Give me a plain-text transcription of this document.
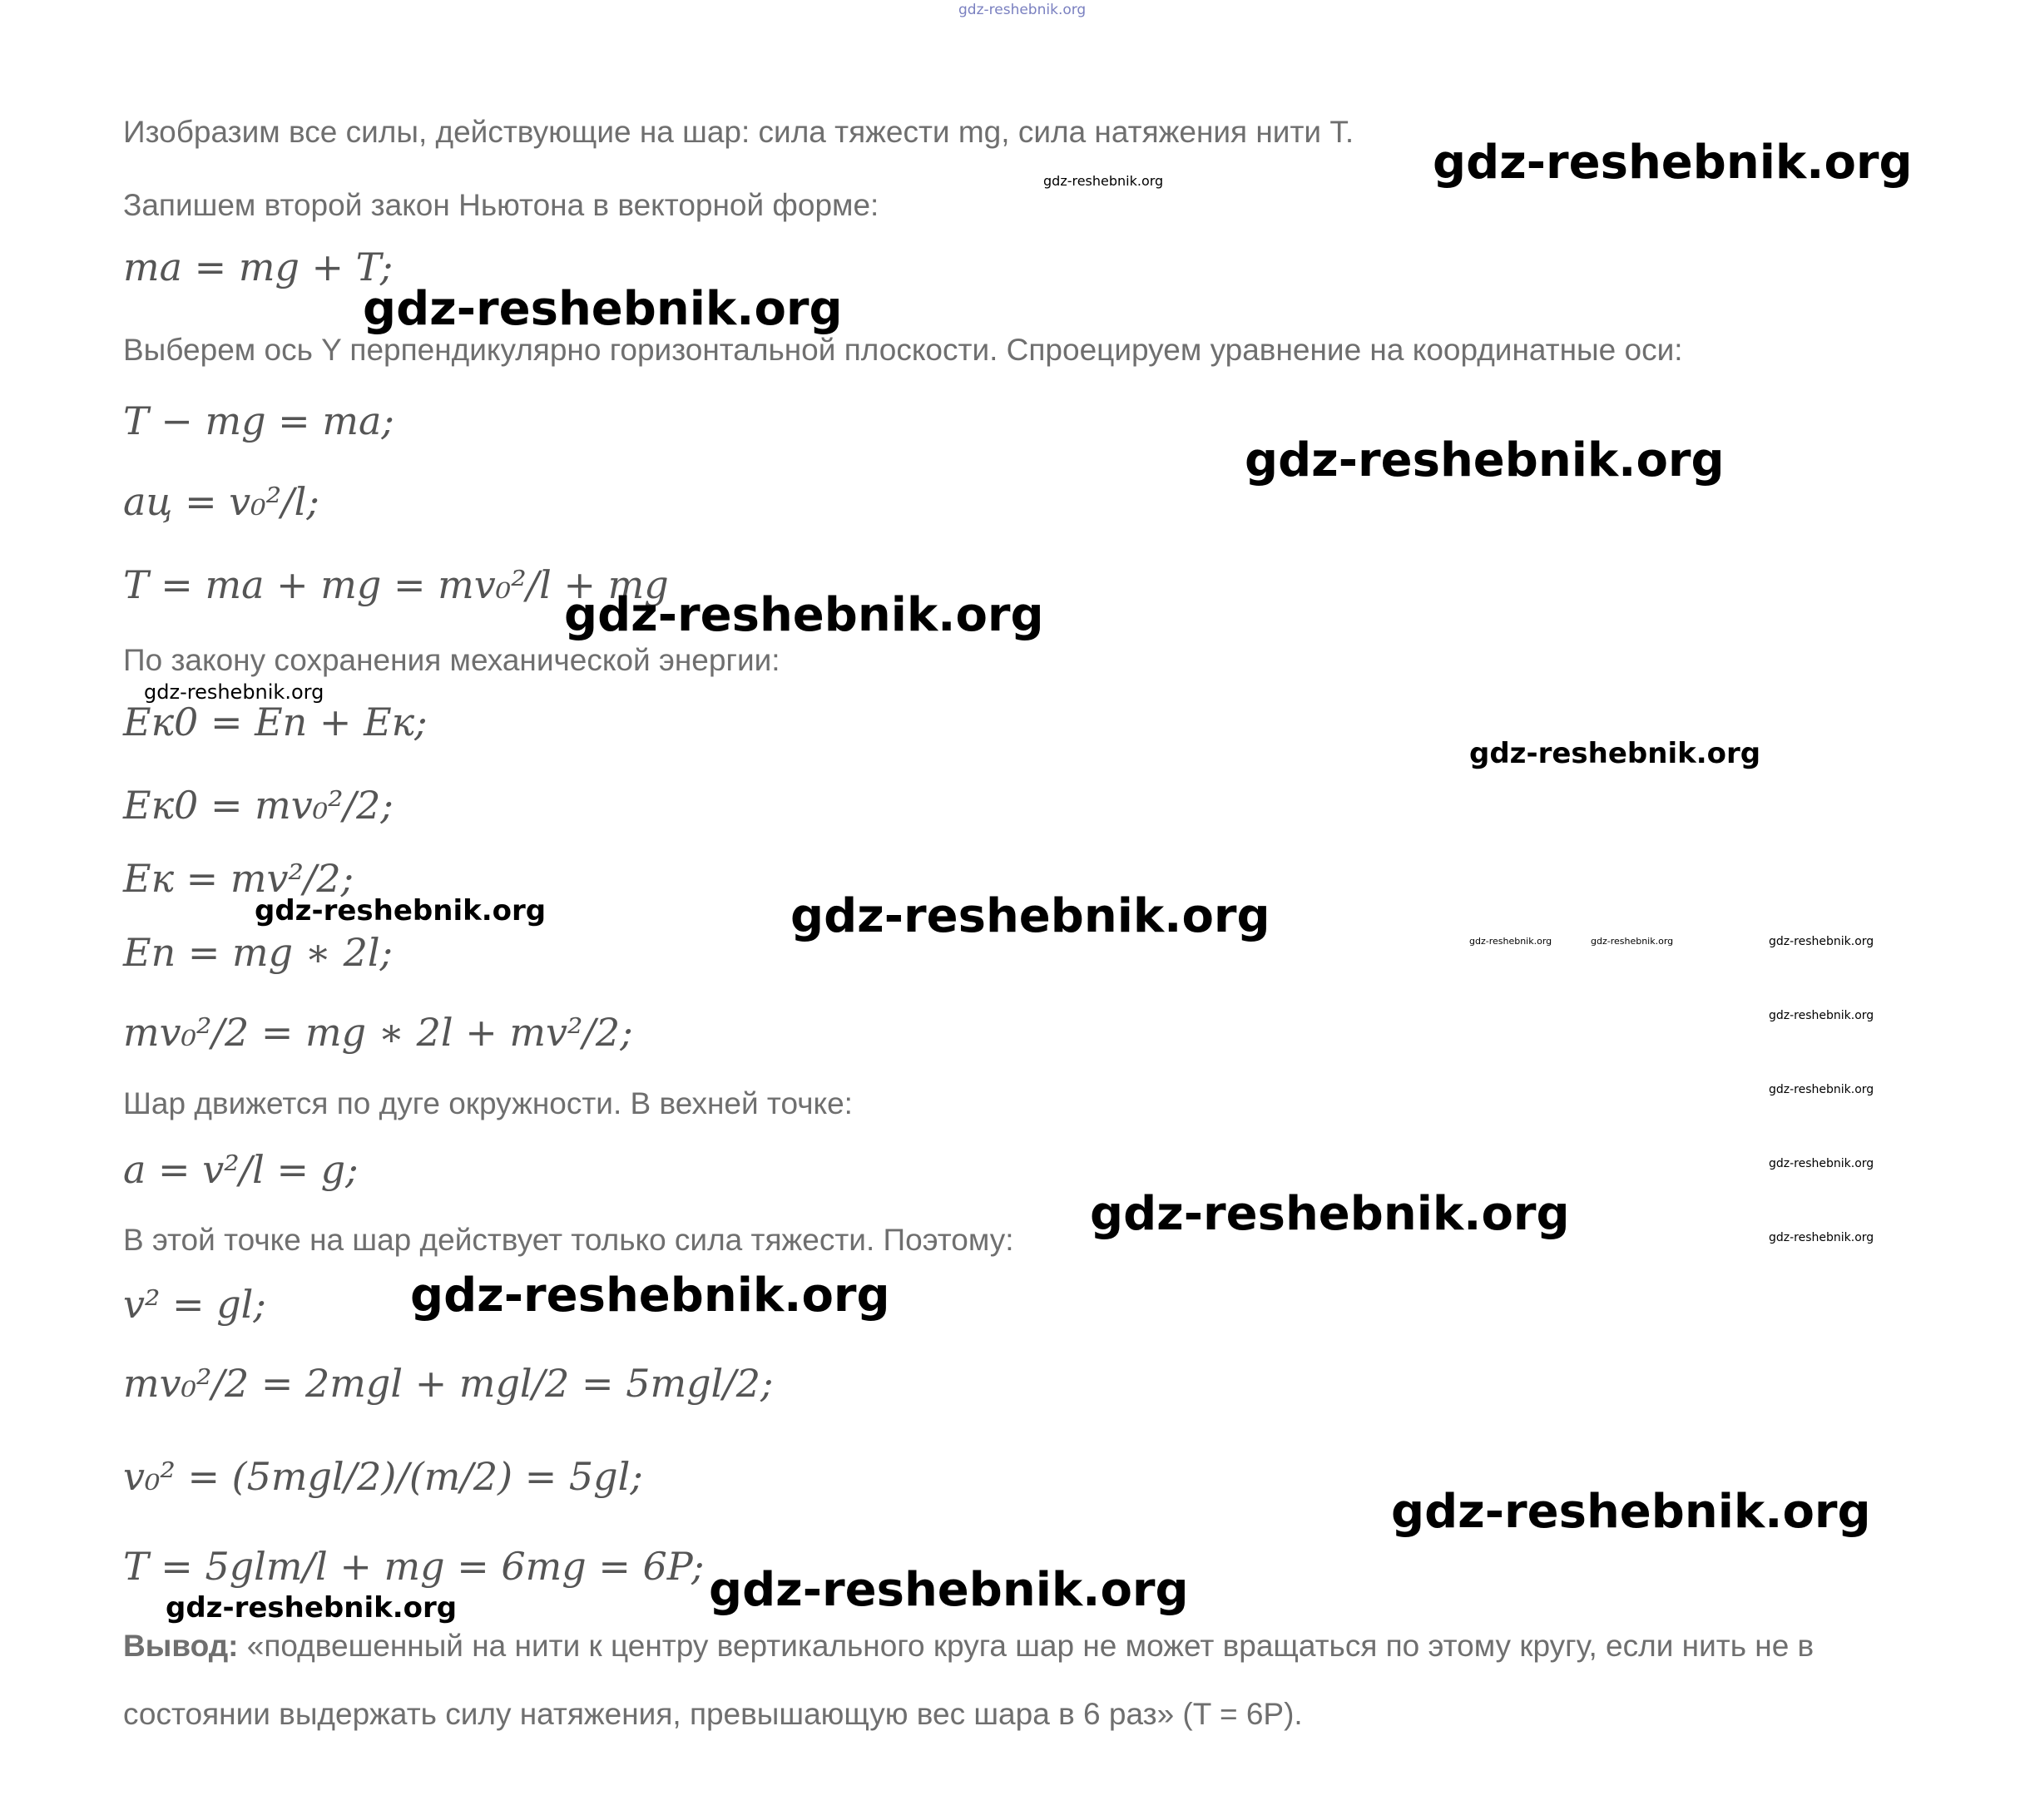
gdz-reshebnik.org
Изобразим все силы, действующие на шар: сила тяжести mg, сила натяжения нити T.
Запишем второй закон Ньютона в векторной форме:
ma = mg + T;
Выберем ось Y перпендикулярно горизонтальной плоскости. Спроецируем уравнение на координатные оси:
T − mg = ma;
aц = v₀²/l;
T = ma + mg = mv₀²/l + mg
По закону сохранения механической энергии:
Eк0 = Eп + Eк;
Eк0 = mv₀²/2;
Eк = mv²/2;
Eп = mg ∗ 2l;
mv₀²/2 = mg ∗ 2l + mv²/2;
Шар движется по дуге окружности. В вехней точке:
a = v²/l = g;
В этой точке на шар действует только сила тяжести. Поэтому:
v² = gl;
mv₀²/2 = 2mgl + mgl/2 = 5mgl/2;
v₀² = (5mgl/2)/(m/2) = 5gl;
T = 5glm/l + mg = 6mg = 6P;
Вывод: «подвешенный на нити к центру вертикального круга шар не может вращаться по этому кругу, если нить не в
состоянии выдержать силу натяжения, превышающую вес шара в 6 раз» (T = 6P).
gdz-reshebnik.org
gdz-reshebnik.org
gdz-reshebnik.org
gdz-reshebnik.org
gdz-reshebnik.org
gdz-reshebnik.org
gdz-reshebnik.org
gdz-reshebnik.org	gdz-reshebnik.org	gdz-reshebnik.org	gdz-reshebnik.org	gdz-reshebnik.org
gdz-reshebnik.org
gdz-reshebnik.org
gdz-reshebnik.org
gdz-reshebnik.org
gdz-reshebnik.org
gdz-reshebnik.org
gdz-reshebnik.org
gdz-reshebnik.org
gdz-reshebnik.org
